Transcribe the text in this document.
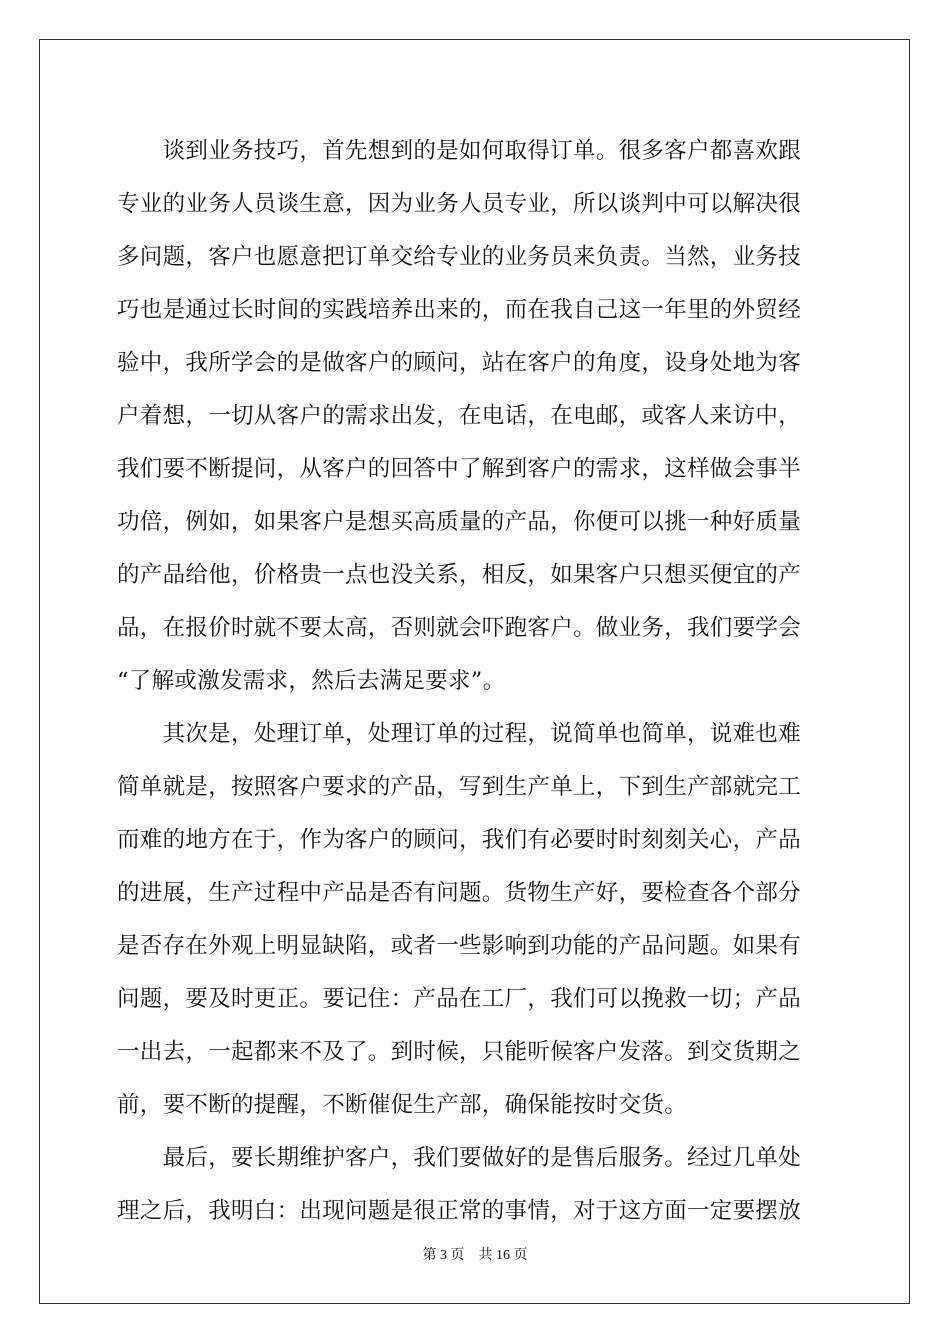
　　谈到业务技巧，首先想到的是如何取得订单。很多客户都喜欢跟
专业的业务人员谈生意，因为业务人员专业，所以谈判中可以解决很
多问题，客户也愿意把订单交给专业的业务员来负责。当然，业务技
巧也是通过长时间的实践培养出来的，而在我自己这一年里的外贸经
验中，我所学会的是做客户的顾问，站在客户的角度，设身处地为客
户着想，一切从客户的需求出发，在电话，在电邮，或客人来访中，
我们要不断提问，从客户的回答中了解到客户的需求，这样做会事半
功倍，例如，如果客户是想买高质量的产品，你便可以挑一种好质量
的产品给他，价格贵一点也没关系，相反，如果客户只想买便宜的产
品，在报价时就不要太高，否则就会吓跑客户。做业务，我们要学会
“了解或激发需求，然后去满足要求”。
　　其次是，处理订单，处理订单的过程，说简单也简单，说难也难
简单就是，按照客户要求的产品，写到生产单上，下到生产部就完工
而难的地方在于，作为客户的顾问，我们有必要时时刻刻关心，产品
的进展，生产过程中产品是否有问题。货物生产好，要检查各个部分
是否存在外观上明显缺陷，或者一些影响到功能的产品问题。如果有
问题，要及时更正。要记住：产品在工厂，我们可以挽救一切；产品
一出去，一起都来不及了。到时候，只能听候客户发落。到交货期之
前，要不断的提醒，不断催促生产部，确保能按时交货。
　　最后，要长期维护客户，我们要做好的是售后服务。经过几单处
理之后，我明白：出现问题是很正常的事情，对于这方面一定要摆放
第 3 页　共 16 页
